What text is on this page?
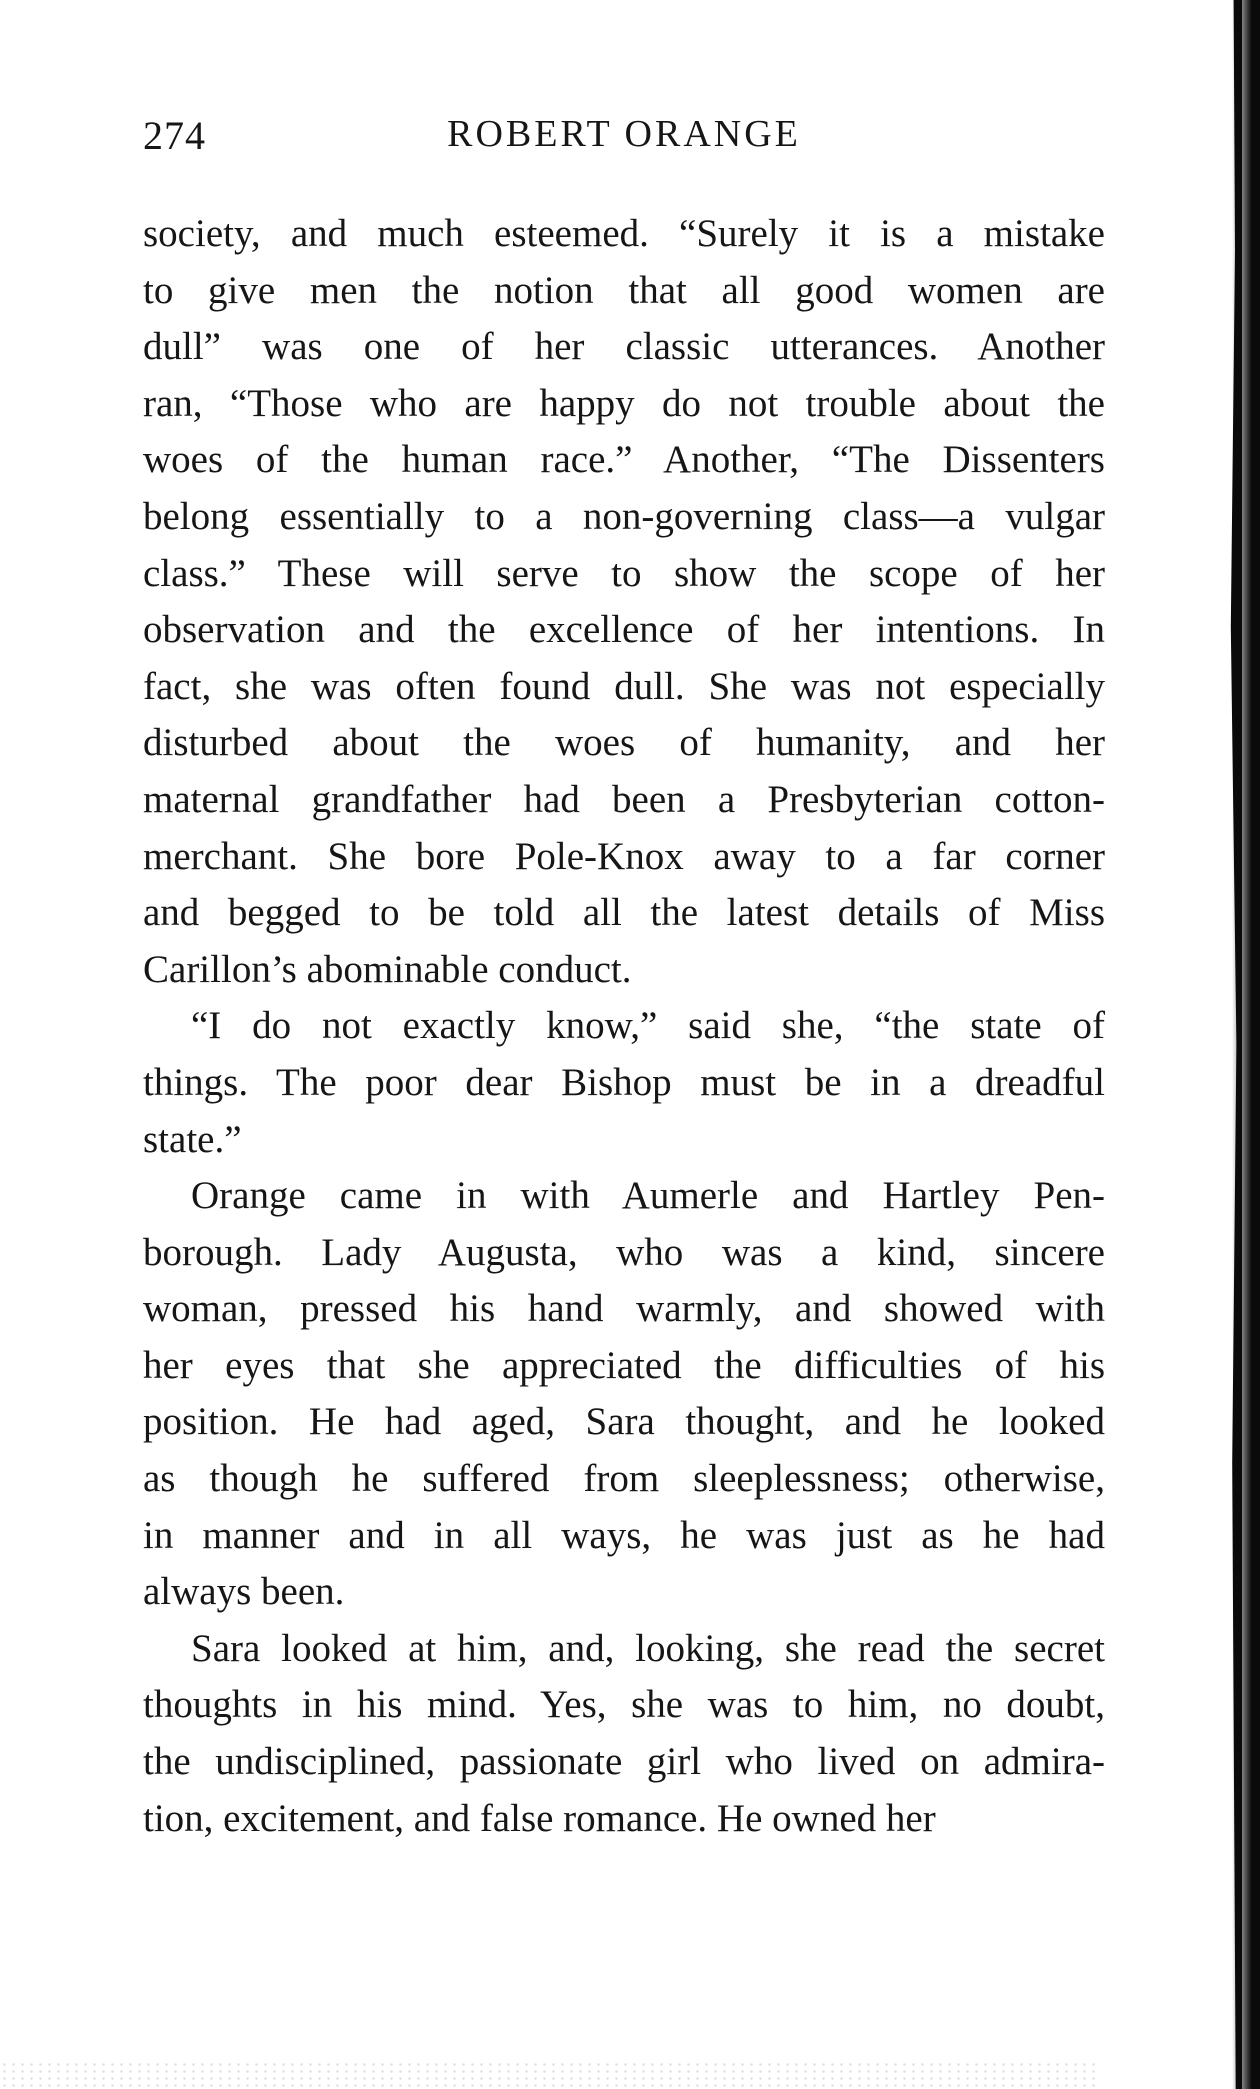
274	ROBERT ORANGE
society, and much esteemed. “Surely it is a mistake
to give men the notion that all good women are
dull” was one of her classic utterances. Another
ran, “Those who are happy do not trouble about the
woes of the human race.” Another, “The Dissenters
belong essentially to a non-governing class—a vulgar
class.” These will serve to show the scope of her
observation and the excellence of her intentions. In
fact, she was often found dull. She was not especially
disturbed about the woes of humanity, and her
maternal grandfather had been a Presbyterian cotton-
merchant. She bore Pole-Knox away to a far corner
and begged to be told all the latest details of Miss
Carillon’s abominable conduct.
“I do not exactly know,” said she, “the state of
things. The poor dear Bishop must be in a dreadful
state.”
Orange came in with Aumerle and Hartley Pen-
borough. Lady Augusta, who was a kind, sincere
woman, pressed his hand warmly, and showed with
her eyes that she appreciated the difficulties of his
position. He had aged, Sara thought, and he looked
as though he suffered from sleeplessness; otherwise,
in manner and in all ways, he was just as he had
always been.
Sara looked at him, and, looking, she read the secret
thoughts in his mind. Yes, she was to him, no doubt,
the undisciplined, passionate girl who lived on admira-
tion, excitement, and false romance. He owned her
